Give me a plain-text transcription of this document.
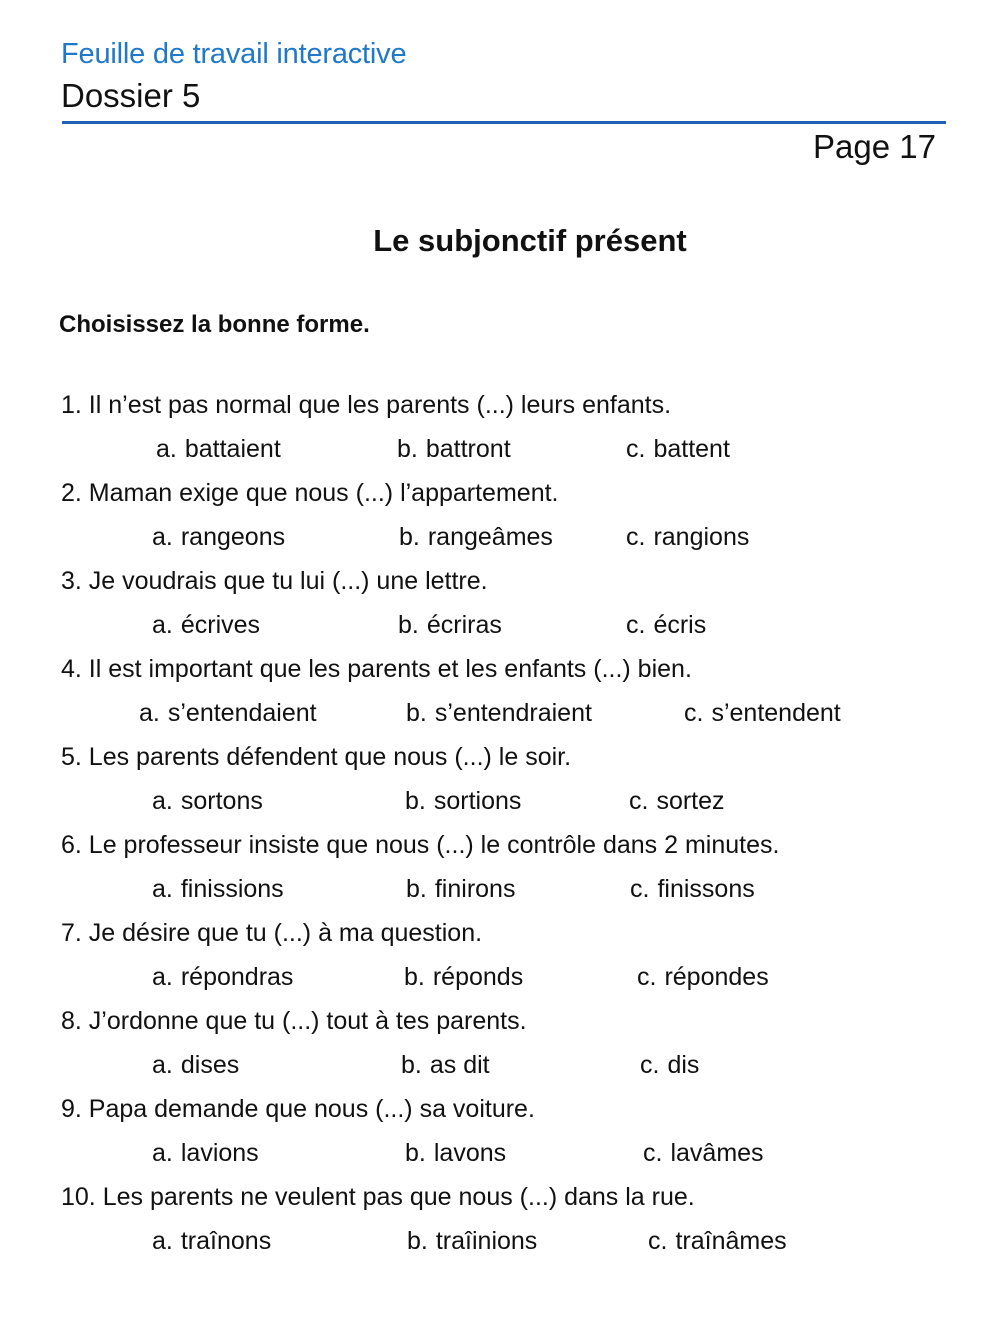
Feuille de travail interactive
Dossier 5
Page 17
Le subjonctif présent
Choisissez la bonne forme.
1. Il n’est pas normal que les parents (...) leurs enfants.
a. battaient	b. battront	c. battent
2. Maman exige que nous (...) l’appartement.
a. rangeons	b. rangeâmes	c. rangions
3. Je voudrais que tu lui (...) une lettre.
a. écrives	b. écriras	c. écris
4. Il est important que les parents et les enfants (...) bien.
a. s’entendaient	b. s’entendraient	c. s’entendent
5. Les parents défendent que nous (...) le soir.
a. sortons	b. sortions	c. sortez
6. Le professeur insiste que nous (...) le contrôle dans 2 minutes.
a. finissions	b. finirons	c. finissons
7. Je désire que tu (...) à ma question.
a. répondras	b. réponds	c. répondes
8. J’ordonne que tu (...) tout à tes parents.
a. dises	b. as dit	c. dis
9. Papa demande que nous (...) sa voiture.
a. lavions	b. lavons	c. lavâmes
10. Les parents ne veulent pas que nous (...) dans la rue.
a. traînons	b. traîinions	c. traînâmes
